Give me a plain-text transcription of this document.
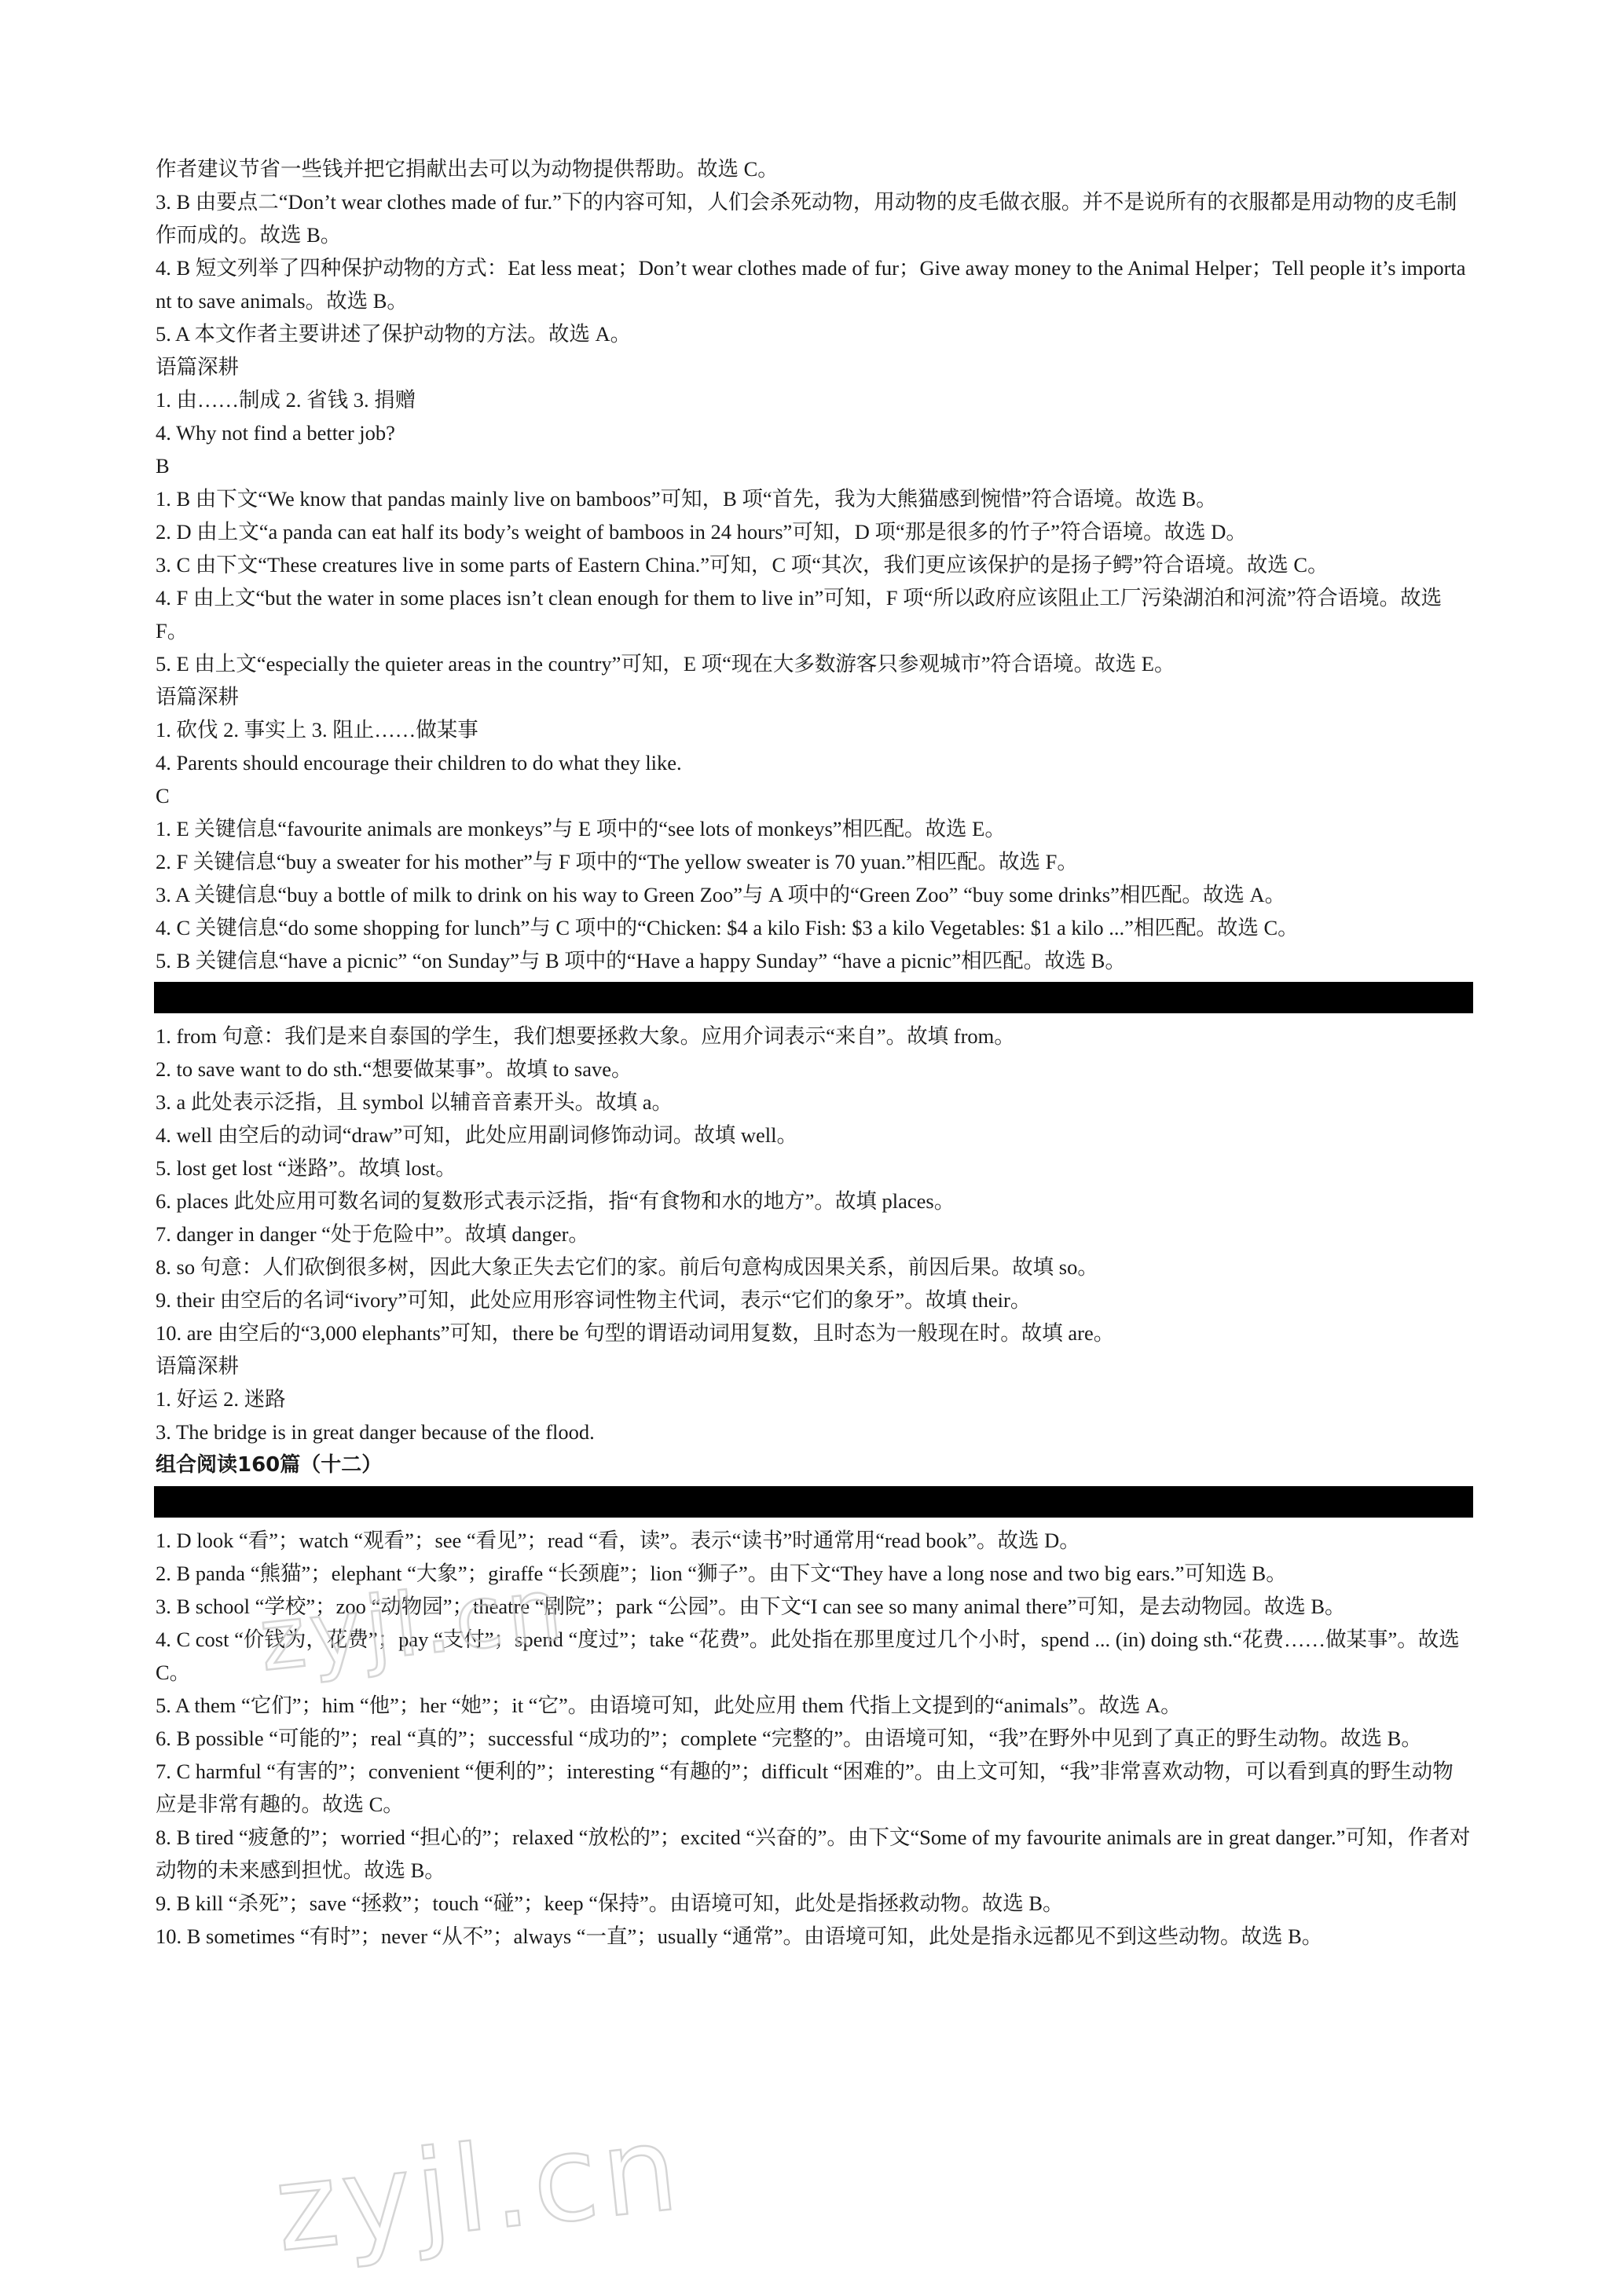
作者建议节省一些钱并把它捐献出去可以为动物提供帮助。故选 C。
3. B 由要点二“Don’t wear clothes made of fur.”下的内容可知，人们会杀死动物，用动物的皮毛做衣服。并不是说所有的衣服都是用动物的皮毛制作而成的。故选 B。
4. B 短文列举了四种保护动物的方式：Eat less meat；Don’t wear clothes made of fur；Give away money to the Animal Helper；Tell people it’s important to save animals。故选 B。
5. A 本文作者主要讲述了保护动物的方法。故选 A。
语篇深耕
1. 由……制成 2. 省钱 3. 捐赠
4. Why not find a better job?
B
1. B 由下文“We know that pandas mainly live on bamboos”可知，B 项“首先，我为大熊猫感到惋惜”符合语境。故选 B。
2. D 由上文“a panda can eat half its body’s weight of bamboos in 24 hours”可知，D 项“那是很多的竹子”符合语境。故选 D。
3. C 由下文“These creatures live in some parts of Eastern China.”可知，C 项“其次，我们更应该保护的是扬子鳄”符合语境。故选 C。
4. F 由上文“but the water in some places isn’t clean enough for them to live in”可知，F 项“所以政府应该阻止工厂污染湖泊和河流”符合语境。故选 F。
5. E 由上文“especially the quieter areas in the country”可知，E 项“现在大多数游客只参观城市”符合语境。故选 E。
语篇深耕
1. 砍伐 2. 事实上 3. 阻止……做某事
4. Parents should encourage their children to do what they like.
C
1. E 关键信息“favourite animals are monkeys”与 E 项中的“see lots of monkeys”相匹配。故选 E。
2. F 关键信息“buy a sweater for his mother”与 F 项中的“The yellow sweater is 70 yuan.”相匹配。故选 F。
3. A 关键信息“buy a bottle of milk to drink on his way to Green Zoo”与 A 项中的“Green Zoo” “buy some drinks”相匹配。故选 A。
4. C 关键信息“do some shopping for lunch”与 C 项中的“Chicken: $4 a kilo Fish: $3 a kilo Vegetables: $1 a kilo ...”相匹配。故选 C。
5. B 关键信息“have a picnic” “on Sunday”与 B 项中的“Have a happy Sunday” “have a picnic”相匹配。故选 B。
1. from 句意：我们是来自泰国的学生，我们想要拯救大象。应用介词表示“来自”。故填 from。
2. to save want to do sth.“想要做某事”。故填 to save。
3. a 此处表示泛指，且 symbol 以辅音音素开头。故填 a。
4. well 由空后的动词“draw”可知，此处应用副词修饰动词。故填 well。
5. lost get lost “迷路”。故填 lost。
6. places 此处应用可数名词的复数形式表示泛指，指“有食物和水的地方”。故填 places。
7. danger in danger “处于危险中”。故填 danger。
8. so 句意：人们砍倒很多树，因此大象正失去它们的家。前后句意构成因果关系，前因后果。故填 so。
9. their 由空后的名词“ivory”可知，此处应用形容词性物主代词，表示“它们的象牙”。故填 their。
10. are 由空后的“3,000 elephants”可知，there be 句型的谓语动词用复数，且时态为一般现在时。故填 are。
语篇深耕
1. 好运 2. 迷路
3. The bridge is in great danger because of the flood.
组合阅读160篇（十二）
1. D look “看”；watch “观看”；see “看见”；read “看，读”。表示“读书”时通常用“read book”。故选 D。
2. B panda “熊猫”；elephant “大象”；giraffe “长颈鹿”；lion “狮子”。由下文“They have a long nose and two big ears.”可知选 B。
3. B school “学校”；zoo “动物园”；theatre “剧院”；park “公园”。由下文“I can see so many animal there”可知，是去动物园。故选 B。
4. C cost “价钱为，花费”；pay “支付”；spend “度过”；take “花费”。此处指在那里度过几个小时，spend ... (in) doing sth.“花费……做某事”。故选 C。
5. A them “它们”；him “他”；her “她”；it “它”。由语境可知，此处应用 them 代指上文提到的“animals”。故选 A。
6. B possible “可能的”；real “真的”；successful “成功的”；complete “完整的”。由语境可知，“我”在野外中见到了真正的野生动物。故选 B。
7. C harmful “有害的”；convenient “便利的”；interesting “有趣的”；difficult “困难的”。由上文可知，“我”非常喜欢动物，可以看到真的野生动物应是非常有趣的。故选 C。
8. B tired “疲惫的”；worried “担心的”；relaxed “放松的”；excited “兴奋的”。由下文“Some of my favourite animals are in great danger.”可知，作者对动物的未来感到担忧。故选 B。
9. B kill “杀死”；save “拯救”；touch “碰”；keep “保持”。由语境可知，此处是指拯救动物。故选 B。
10. B sometimes “有时”；never “从不”；always “一直”；usually “通常”。由语境可知，此处是指永远都见不到这些动物。故选 B。
zyjl.cn
zyjl.cn
